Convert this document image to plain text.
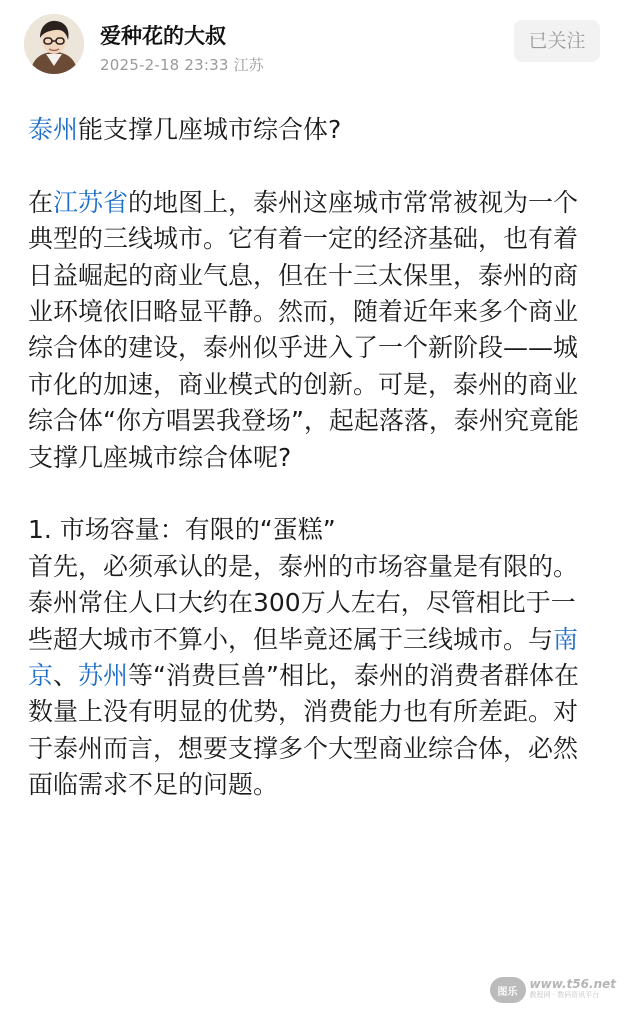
爱种花的大叔
2025-2-18 23:33 江苏
已关注

泰州能支撑几座城市综合体?

在江苏省的地图上，泰州这座城市常常被视为一个典型的三线城市。它有着一定的经济基础，也有着日益崛起的商业气息，但在十三太保里，泰州的商业环境依旧略显平静。然而，随着近年来多个商业综合体的建设，泰州似乎进入了一个新阶段——城市化的加速，商业模式的创新。可是，泰州的商业综合体“你方唱罢我登场”，起起落落，泰州究竟能支撑几座城市综合体呢?

1. 市场容量：有限的“蛋糕”

首先，必须承认的是，泰州的市场容量是有限的。泰州常住人口大约在300万人左右，尽管相比于一些超大城市不算小，但毕竟还属于三线城市。与南京、苏州等“消费巨兽”相比，泰州的消费者群体在数量上没有明显的优势，消费能力也有所差距。对于泰州而言，想要支撑多个大型商业综合体，必然面临需求不足的问题。

图乐
www.t56.net
教程网 · 数码资讯平台
